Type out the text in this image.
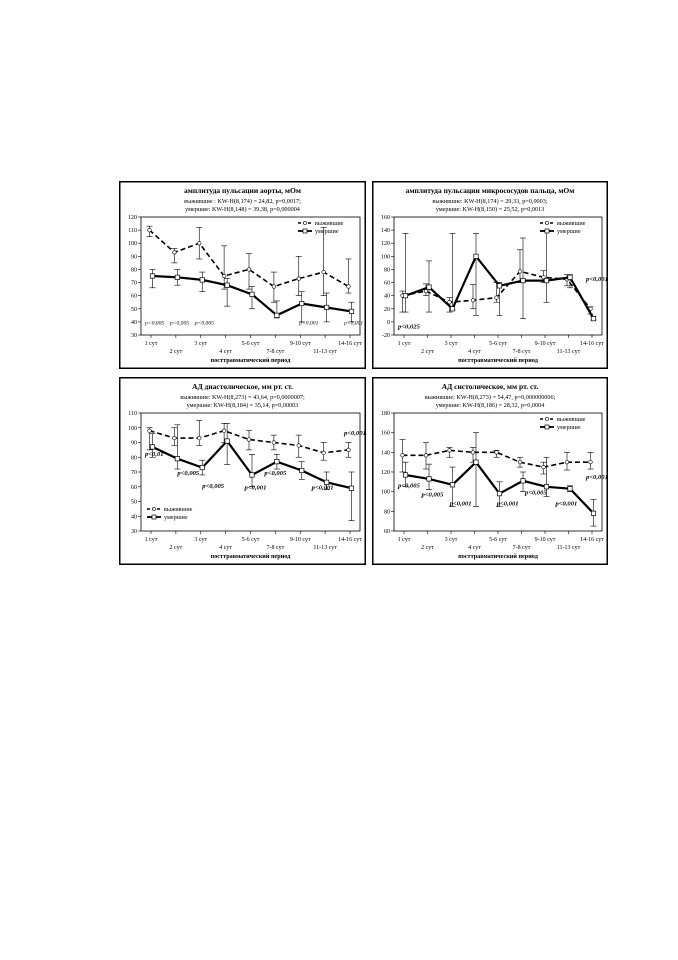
амплитуда пульсации аорты, мОм
выжившие : KW-H(8,174) = 24,82, p=0,0017;
умершие: KW-H(8,148) = 39,38, p=0,000004
30
40
50
60
70
80
90
100
110
120
1 сут
2 сут
3 сут
4 сут
5-6 сут
7-8 сут
9-10 сут
11-13 сут
14-16 сут
посттравматический период
p<0,005 p<0,005 p<0,005	p<0,001	p<0,001
выжившие
умершие
амплитуда пульсации микрососудов пальца, мОм
выжившие: KW-H(8,174) = 29,33, p=0,0003;
умершие: KW-H(8,150) = 25,52, p=0,0013
-20
0
20
40
60
80
100
120
140
160
1 сут
2 сут
3 сут
4 сут
5-6 сут
7-8 сут
9-10 сут
11-13 сут
14-16 сут
посттравматический период
p<0,025
p<0,001
выжившие
умершие
АД диастолическое, мм рт. ст.
выжившие: KW-H(8,273) = 43,64, p=0,0000007;
умершие: KW-H(8,184) = 35,14, p=0,00003
30
40
50
60
70
80
90
100
110
1 сут
2 сут
3 сут
4 сут
5-6 сут
7-8 сут
9-10 сут
11-13 сут
14-16 сут
посттравматический период
p<0,01
p<0,005
p<0,005	p<0,001
p<0,005
p<0,001
p<0,001
выжившие
умершие
АД систолическое, мм рт. ст.
выжившие: KW-H(8,273) = 54,47, p=0,000000006;
умершие: KW-H(8,186) = 28,32, p=0,0004
60
80
100
120
140
160
180
1 сут
2 сут
3 сут
4 сут
5-6 сут
7-8 сут
9-10 сут
11-13 сут
14-16 сут
посттравматический период
p<0,005
p<0,005
p<0,001	p<0,001
p<0,005
p<0,001
p<0,001
выжившие
умершие
